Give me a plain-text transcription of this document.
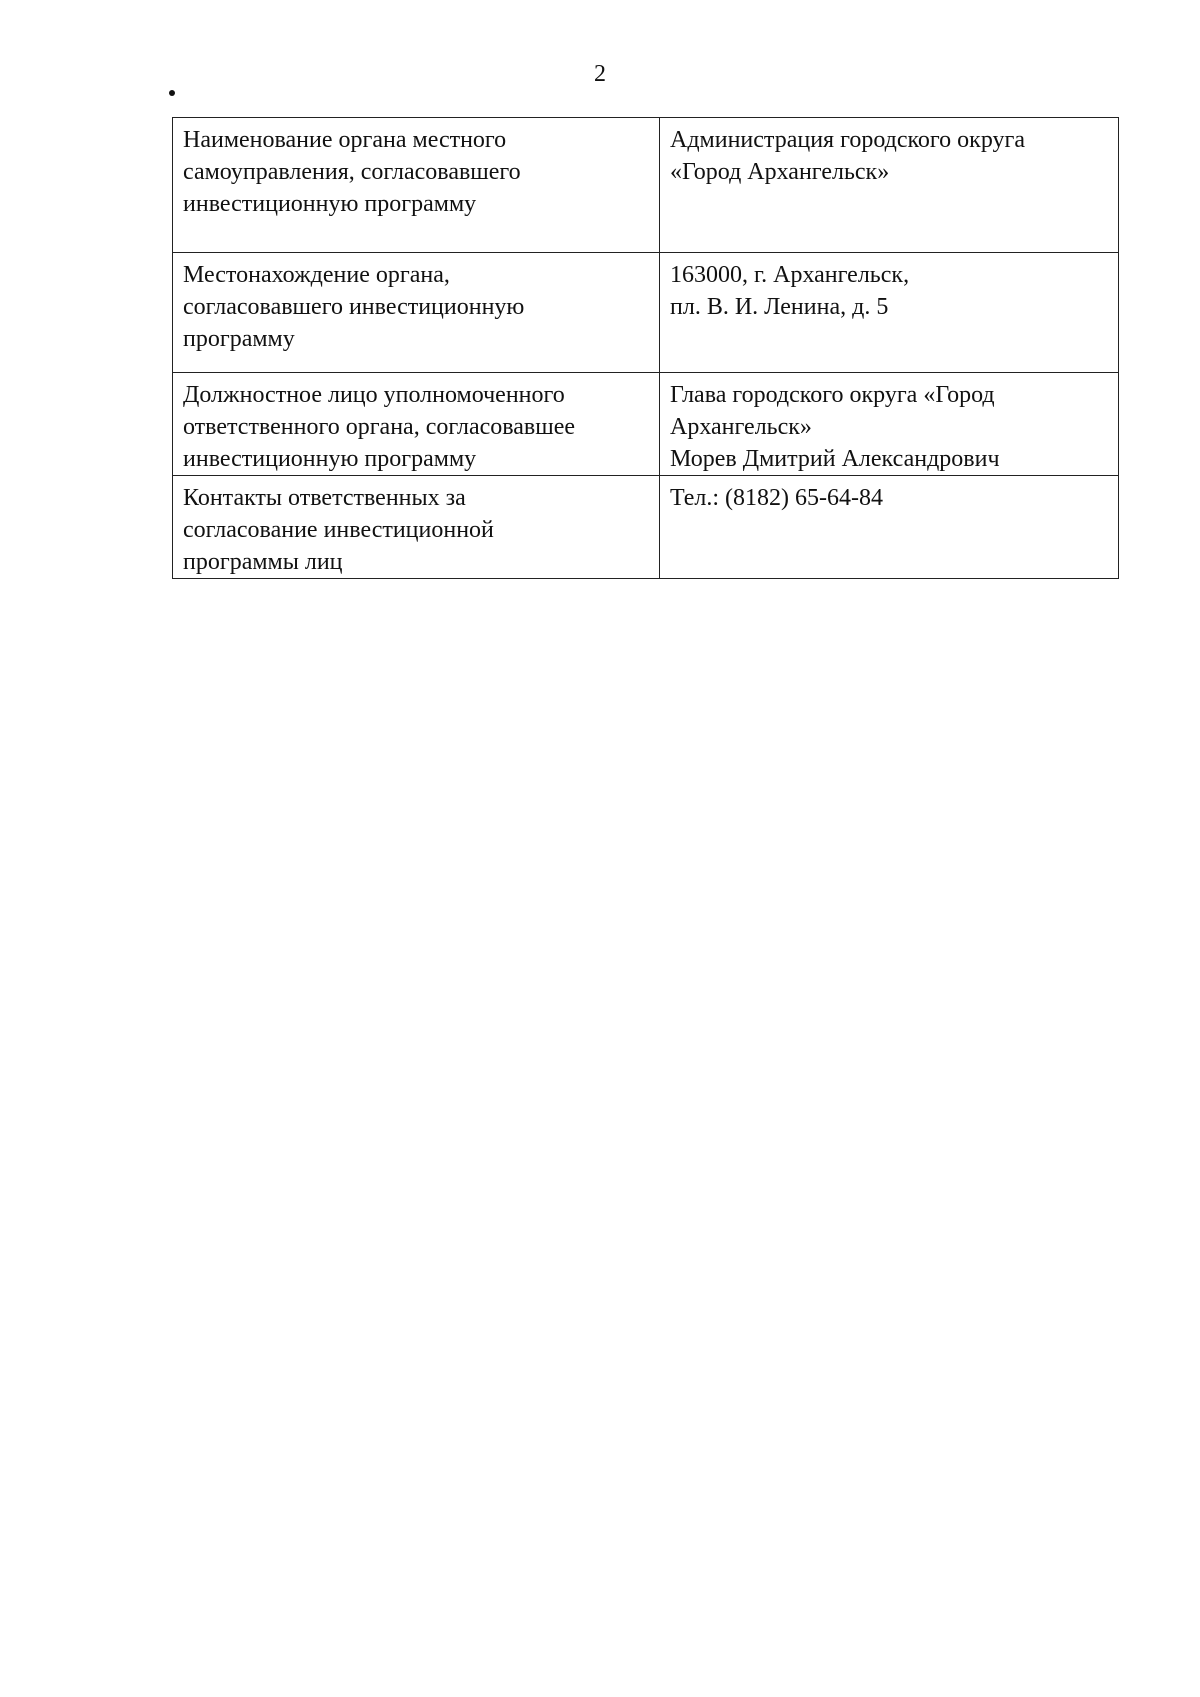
2
Наименование органа местного
самоуправления, согласовавшего
инвестиционную программу	Администрация городского округа
«Город Архангельск»

Местонахождение органа,
согласовавшего инвестиционную
программу	163000, г. Архангельск,
пл. В. И. Ленина, д. 5

Должностное лицо уполномоченного
ответственного органа, согласовавшее
инвестиционную программу	Глава городского округа «Город
Архангельск»
Морев Дмитрий Александрович

Контакты ответственных за
согласование инвестиционной
программы лиц	Тел.: (8182) 65-64-84
